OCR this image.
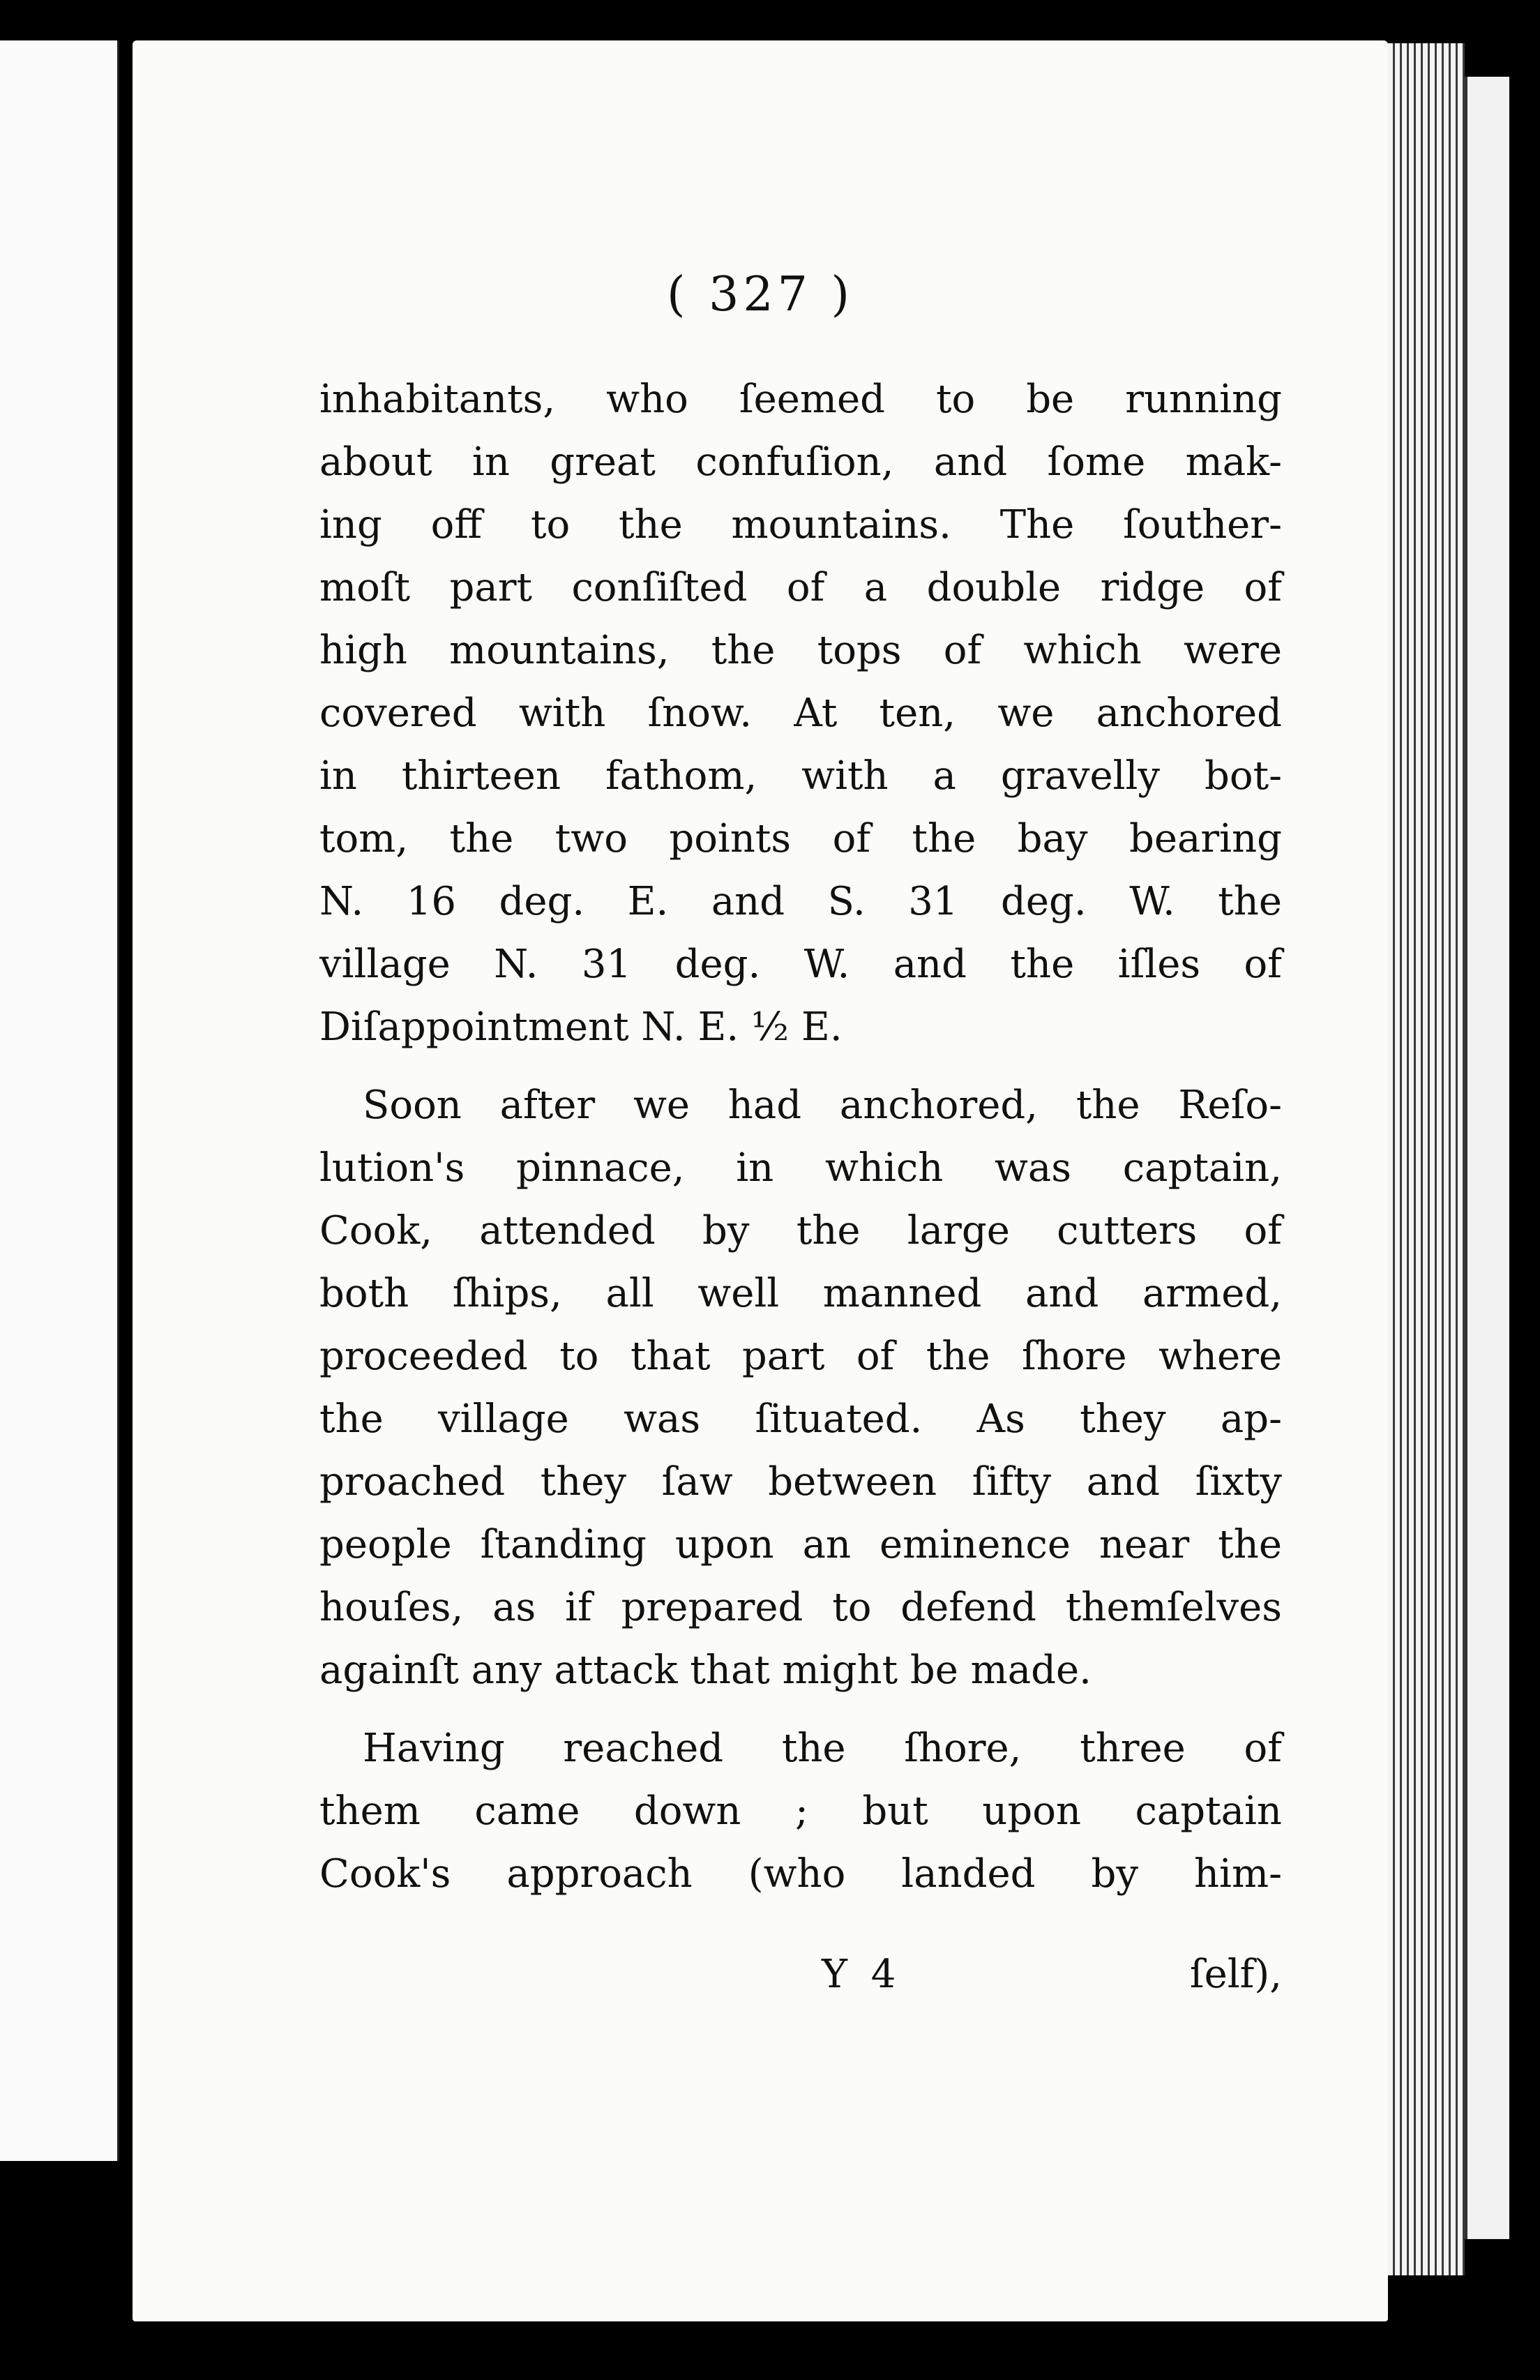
( 327 )
inhabitants, who ſeemed to be running
about in great confuſion, and ſome mak-
ing off to the mountains. The ſouther-
moſt part conſiſted of a double ridge of
high mountains, the tops of which were
covered with ſnow. At ten, we anchored
in thirteen fathom, with a gravelly bot-
tom, the two points of the bay bearing
N. 16 deg. E. and S. 31 deg. W. the
village N. 31 deg. W. and the iſles of
Diſappointment N. E. ½ E.
Soon after we had anchored, the Reſo-
lution's pinnace, in which was captain,
Cook, attended by the large cutters of
both ſhips, all well manned and armed,
proceeded to that part of the ſhore where
the village was ſituated. As they ap-
proached they ſaw between ſifty and ſixty
people ſtanding upon an eminence near the
houſes, as if prepared to defend themſelves
againſt any attack that might be made.
Having reached the ſhore, three of
them came down ; but upon captain
Cook's approach (who landed by him-
Y 4	ſelf),
